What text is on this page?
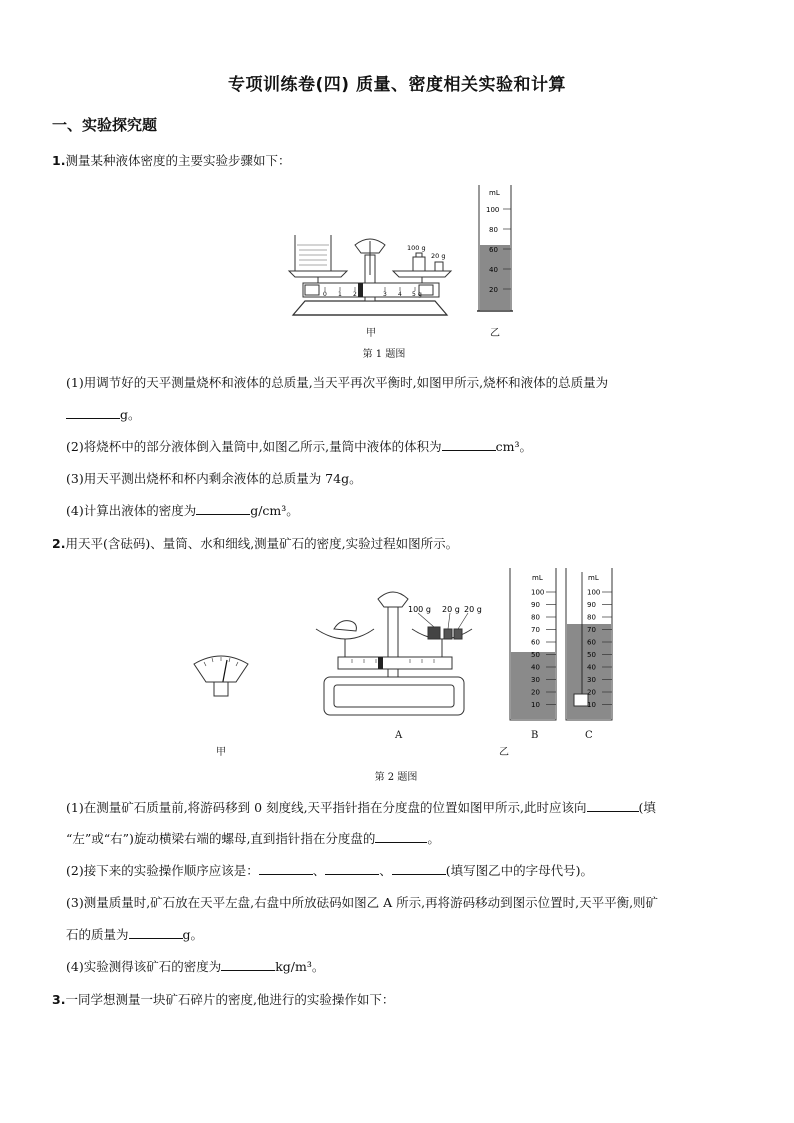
专项训练卷(四) 质量、密度相关实验和计算
一、实验探究题
1.测量某种液体密度的主要实验步骤如下：
0 1 2	3 4 5 g
100 g
20 g
mL
100
80
60
40
20
甲	乙
第 1 题图
(1)用调节好的天平测量烧杯和液体的总质量,当天平再次平衡时,如图甲所示,烧杯和液体的总质量为
g。
(2)将烧杯中的部分液体倒入量筒中,如图乙所示,量筒中液体的体积为	cm³。
(3)用天平测出烧杯和杯内剩余液体的总质量为 74g。
(4)计算出液体的密度为	g/cm³。
2.用天平(含砝码)、量筒、水和细线,测量矿石的密度,实验过程如图所示。
100 g 20 g 20 g
mL
100
90
80
70
60
50
40
30
20
10
mL
100
90
80
70
60
50
40
30
20
10
甲
A
乙
B	C
第 2 题图
(1)在测量矿石质量前,将游码移到 0 刻度线,天平指针指在分度盘的位置如图甲所示,此时应该向	(填
“左”或“右”)旋动横梁右端的螺母,直到指针指在分度盘的	。
(2)接下来的实验操作顺序应该是：	、	、	(填写图乙中的字母代号)。
(3)测量质量时,矿石放在天平左盘,右盘中所放砝码如图乙 A 所示,再将游码移动到图示位置时,天平平衡,则矿
石的质量为	g。
(4)实验测得该矿石的密度为	kg/m³。
3.一同学想测量一块矿石碎片的密度,他进行的实验操作如下：
